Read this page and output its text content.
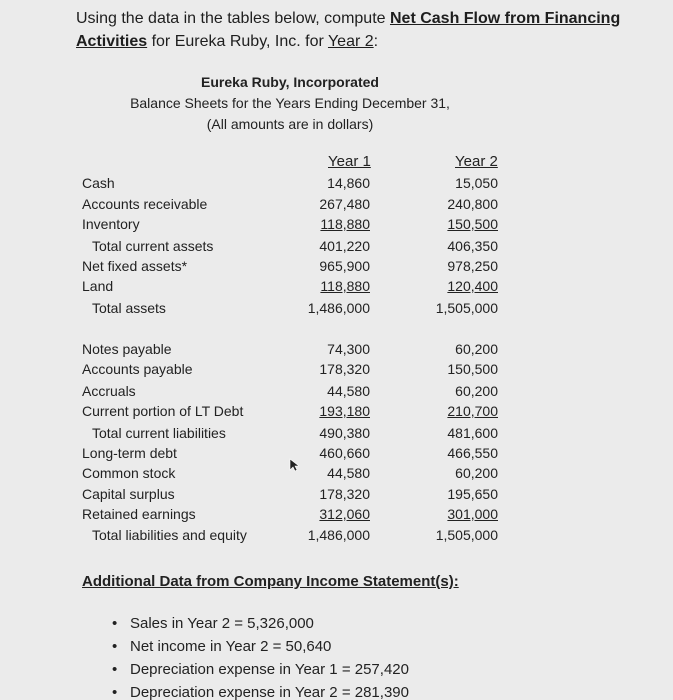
Using the data in the tables below, compute Net Cash Flow from Financing
Activities for Eureka Ruby, Inc. for Year 2:
Eureka Ruby, Incorporated
Balance Sheets for the Years Ending December 31,
(All amounts are in dollars)
Year 1	Year 2
Cash	14,860	15,050
Accounts receivable	267,480	240,800
Inventory	118,880	150,500
Total current assets	401,220	406,350
Net fixed assets*	965,900	978,250
Land	118,880	120,400
Total assets	1,486,000	1,505,000
Notes payable	74,300	60,200
Accounts payable	178,320	150,500
Accruals	44,580	60,200
Current portion of LT Debt	193,180	210,700
Total current liabilities	490,380	481,600
Long-term debt	460,660	466,550
Common stock	44,580	60,200
Capital surplus	178,320	195,650
Retained earnings	312,060	301,000
Total liabilities and equity	1,486,000	1,505,000
Additional Data from Company Income Statement(s):
• Sales in Year 2 = 5,326,000
• Net income in Year 2 = 50,640
• Depreciation expense in Year 1 = 257,420
• Depreciation expense in Year 2 = 281,390
